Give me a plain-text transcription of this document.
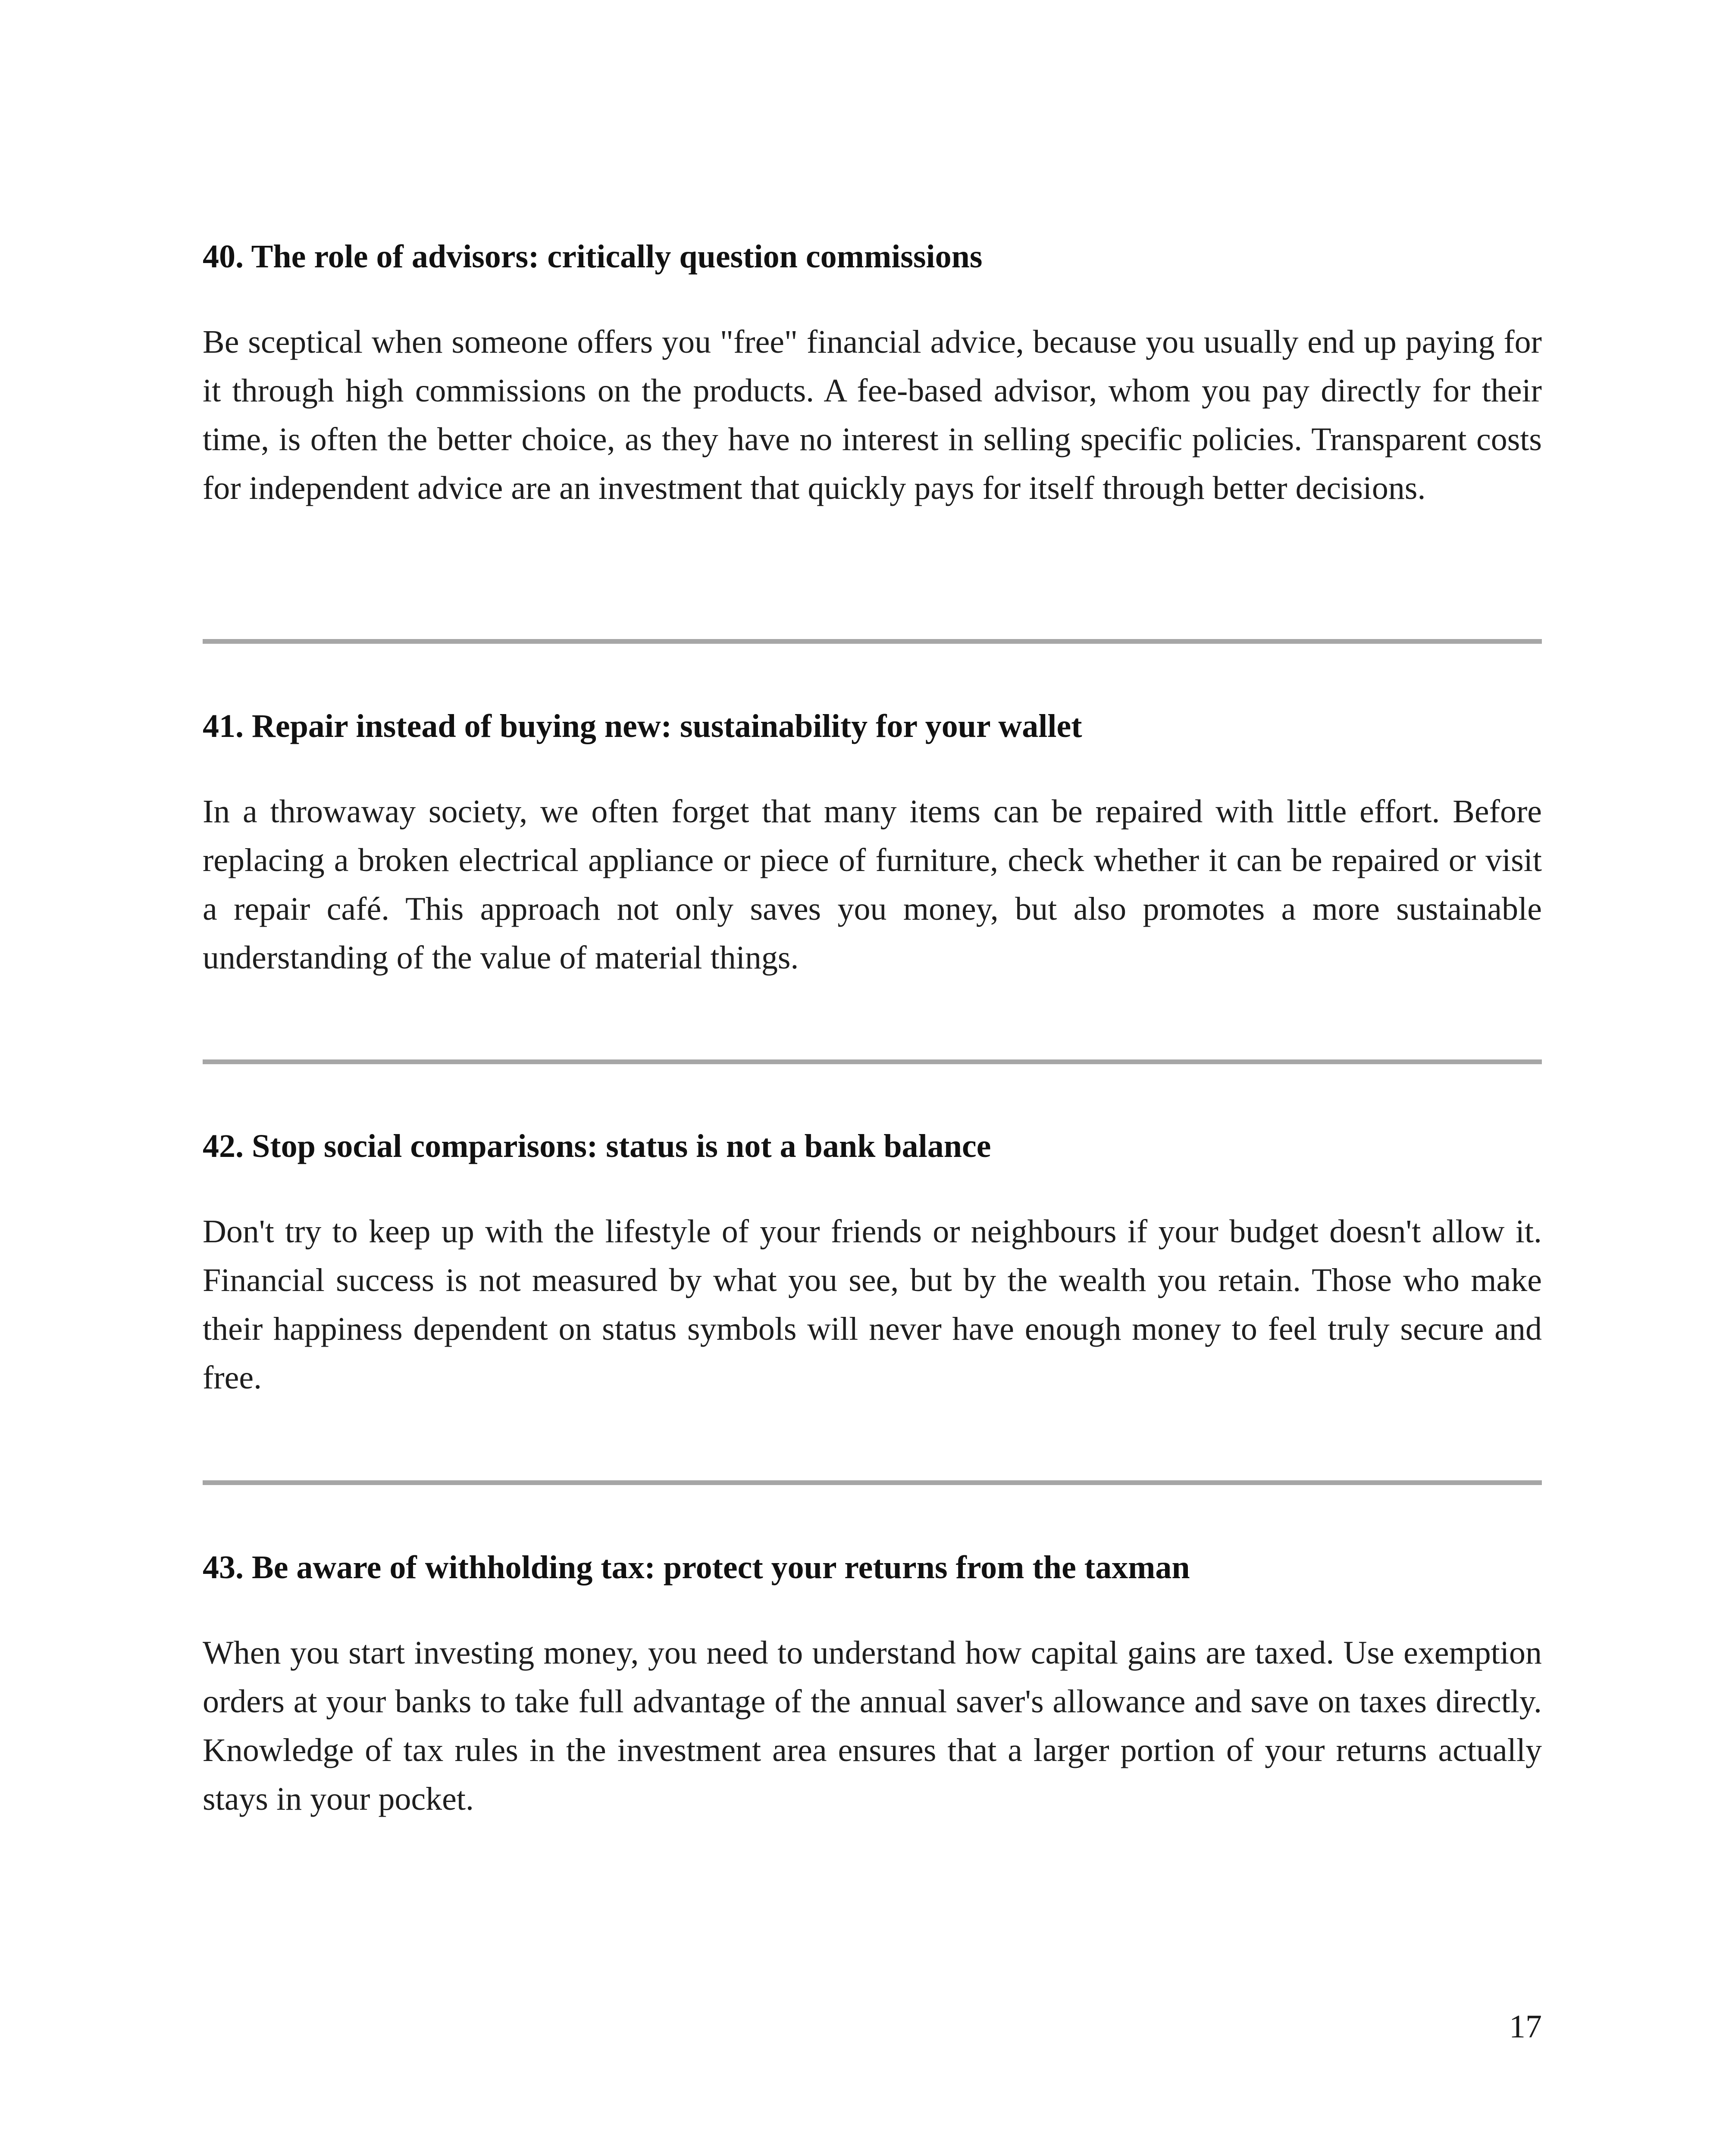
40. The role of advisors: critically question commissions

Be sceptical when someone offers you "free" financial advice, because you usually end up paying for it through high commissions on the products. A fee-based advisor, whom you pay directly for their time, is often the better choice, as they have no interest in selling specific policies. Transparent costs for independent advice are an investment that quickly pays for itself through better decisions.

41. Repair instead of buying new: sustainability for your wallet

In a throwaway society, we often forget that many items can be repaired with little effort. Before replacing a broken electrical appliance or piece of furniture, check whether it can be repaired or visit a repair café. This approach not only saves you money, but also promotes a more sustainable understanding of the value of material things.

42. Stop social comparisons: status is not a bank balance

Don't try to keep up with the lifestyle of your friends or neighbours if your budget doesn't allow it. Financial success is not measured by what you see, but by the wealth you retain. Those who make their happiness dependent on status symbols will never have enough money to feel truly secure and free.

43. Be aware of withholding tax: protect your returns from the taxman

When you start investing money, you need to understand how capital gains are taxed. Use exemption orders at your banks to take full advantage of the annual saver's allowance and save on taxes directly. Knowledge of tax rules in the investment area ensures that a larger portion of your returns actually stays in your pocket.

17
